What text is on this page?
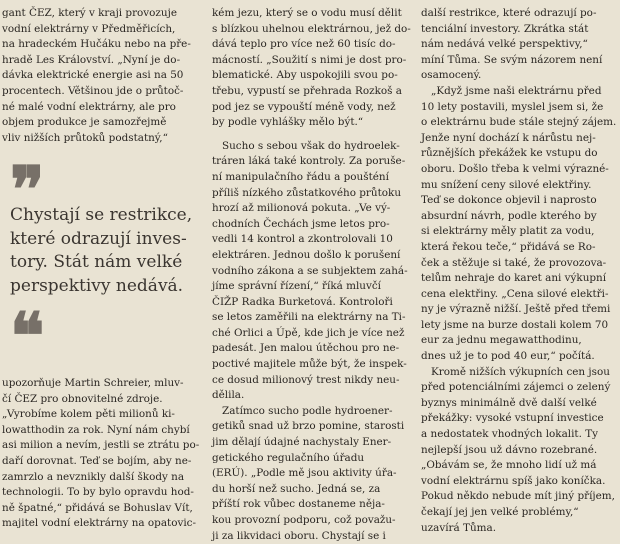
gant ČEZ, který v kraji provozuje
vodní elektrárny v Předměřicích,
na hradeckém Hučáku nebo na pře-
hradě Les Království. „Nyní je do-
dávka elektrické energie asi na 50
procentech. Většinou jde o průtoč-
né malé vodní elektrárny, ale pro
objem produkce je samozřejmě
vliv nižších průtoků podstatný,“
❞
Chystají se restrikce,
které odrazují inves-
tory. Stát nám velké
perspektivy nedává.
❝
upozorňuje Martin Schreier, mluv-
čí ČEZ pro obnovitelné zdroje.
„Vyrobíme kolem pěti milionů ki-
lowatthodin za rok. Nyní nám chybí
asi milion a nevím, jestli se ztrátu po-
daří dorovnat. Teď se bojím, aby ne-
zamrzlo a nevznikly další škody na
technologii. To by bylo opravdu hod-
ně špatné,“ přidává se Bohuslav Vít,
majitel vodní elektrárny na opatovic-
kém jezu, který se o vodu musí dělit
s blízkou uhelnou elektrárnou, jež do-
dává teplo pro více než 60 tisíc do-
mácností. „Soužití s nimi je dost pro-
blematické. Aby uspokojili svou po-
třebu, vypustí se přehrada Rozkoš a
pod jez se vypouští méně vody, než
by podle vyhlášky mělo být.“
Sucho s sebou však do hydroelek-
tráren láká také kontroly. Za poruše-
ní manipulačního řádu a poušténí
příliš nízkého zůstatkového průtoku
hrozí až milionová pokuta. „Ve vý-
chodních Čechách jsme letos pro-
vedli 14 kontrol a zkontrolovali 10
elektráren. Jednou došlo k porušení
vodního zákona a se subjektem zahá-
jíme správní řízení,“ říká mluvčí
ČIŽP Radka Burketová. Kontroloři
se letos zaměřili na elektrárny na Ti-
ché Orlici a Úpě, kde jich je více než
padesát. Jen malou útěchou pro ne-
poctivé majitele může být, že inspek-
ce dosud milionový trest nikdy neu-
dělila.
Zatímco sucho podle hydroener-
getiků snad už brzo pomine, starosti
jim dělají údajné nachystaly Ener-
getického regulačního úřadu
(ERÚ). „Podle mě jsou aktivity úřa-
du horší než sucho. Jedná se, za
příští rok vůbec dostaneme něja-
kou provozní podporu, což považu-
ji za likvidaci oboru. Chystají se i
další restrikce, které odrazují po-
tenciální investory. Zkrátka stát
nám nedává velké perspektivy,“
míní Tůma. Se svým názorem není
osamocený.
„Když jsme naši elektrárnu před
10 lety postavili, myslel jsem si, že
o elektrárnu bude stále stejný zájem.
Jenže nyní dochází k nárůstu nej-
různějších překážek ke vstupu do
oboru. Došlo třeba k velmi výrazné-
mu snížení ceny silové elektřiny.
Teď se dokonce objevil i naprosto
absurdní návrh, podle kterého by
si elektrárny měly platit za vodu,
která řekou teče,“ přidává se Ro-
ček a stěžuje si také, že provozova-
telům nehraje do karet ani výkupní
cena elektřiny. „Cena silové elektři-
ny je výrazně nižší. Ještě před třemi
lety jsme na burze dostali kolem 70
eur za jednu megawatthodinu,
dnes už je to pod 40 eur,“ počítá.
Kromě nižších výkupních cen jsou
před potenciálními zájemci o zelený
byznys minimálně dvě další velké
překážky: vysoké vstupní investice
a nedostatek vhodných lokalit. Ty
nejlepší jsou už dávno rozebrané.
„Obávám se, že mnoho lidí už má
vodní elektrárnu spíš jako koníčka.
Pokud někdo nebude mít jiný příjem,
čekají jej jen velké problémy,“
uzavírá Tůma.
